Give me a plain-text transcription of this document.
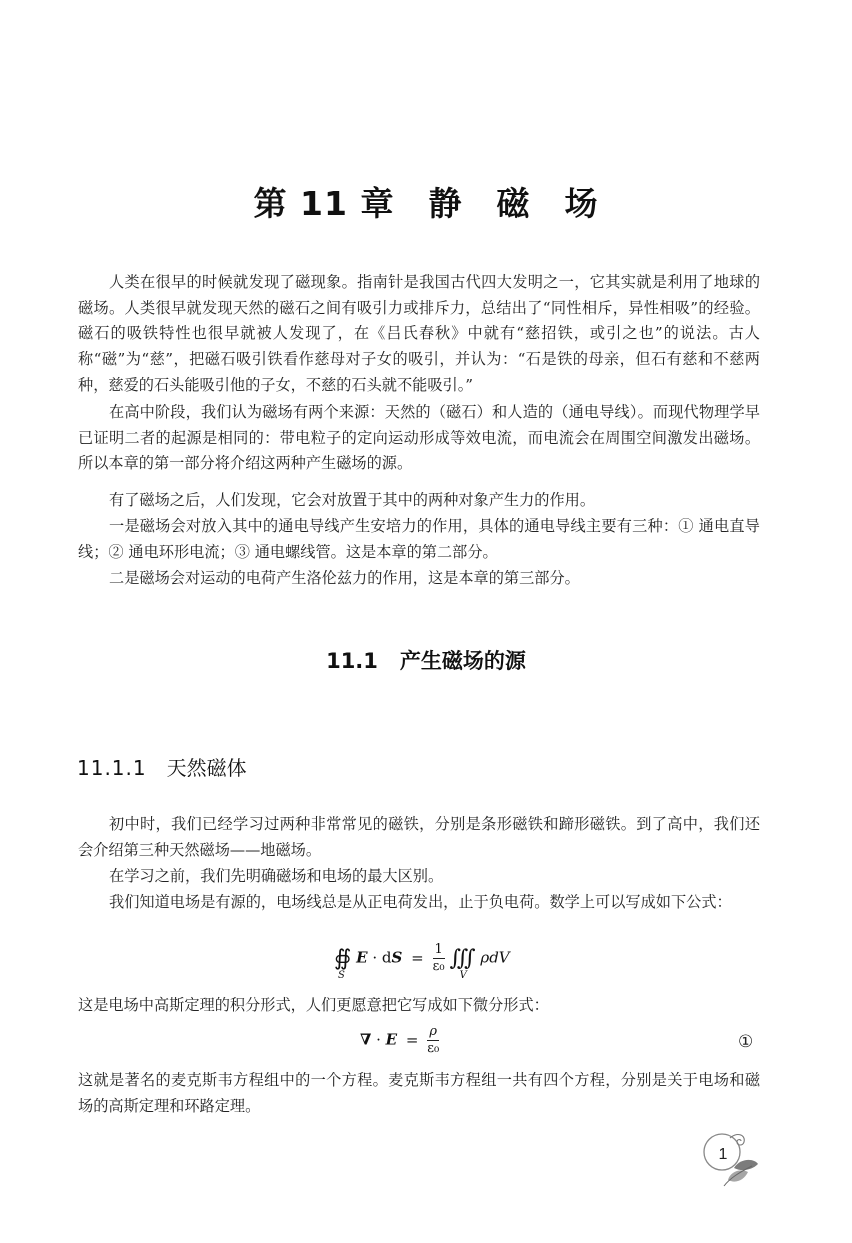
第 11 章 静 磁 场

人类在很早的时候就发现了磁现象。指南针是我国古代四大发明之一，它其实就是利用了地球的磁场。人类很早就发现天然的磁石之间有吸引力或排斥力，总结出了“同性相斥，异性相吸”的经验。磁石的吸铁特性也很早就被人发现了，在《吕氏春秋》中就有“慈招铁，或引之也”的说法。古人称“磁”为“慈”，把磁石吸引铁看作慈母对子女的吸引，并认为：“石是铁的母亲，但石有慈和不慈两种，慈爱的石头能吸引他的子女，不慈的石头就不能吸引。”

在高中阶段，我们认为磁场有两个来源：天然的（磁石）和人造的（通电导线）。而现代物理学早已证明二者的起源是相同的：带电粒子的定向运动形成等效电流，而电流会在周围空间激发出磁场。所以本章的第一部分将介绍这两种产生磁场的源。

有了磁场之后，人们发现，它会对放置于其中的两种对象产生力的作用。

一是磁场会对放入其中的通电导线产生安培力的作用，具体的通电导线主要有三种：① 通电直导线；② 通电环形电流；③ 通电螺线管。这是本章的第二部分。

二是磁场会对运动的电荷产生洛伦兹力的作用，这是本章的第三部分。

11.1 产生磁场的源
11.1.1 天然磁体

初中时，我们已经学习过两种非常常见的磁铁，分别是条形磁铁和蹄形磁铁。到了高中，我们还会介绍第三种天然磁场——地磁场。

在学习之前，我们先明确磁场和电场的最大区别。

我们知道电场是有源的，电场线总是从正电荷发出，止于负电荷。数学上可以写成如下公式：

∯
S
E · dS = $\frac{1}{\text{ε₀}}$ ∭
V
ρdV

这是电场中高斯定理的积分形式，人们更愿意把它写成如下微分形式：

∇ · $E = \frac{\rho}{\text{ε₀}}$	①

这就是著名的麦克斯韦方程组中的一个方程。麦克斯韦方程组一共有四个方程，分别是关于电场和磁场的高斯定理和环路定理。

1
